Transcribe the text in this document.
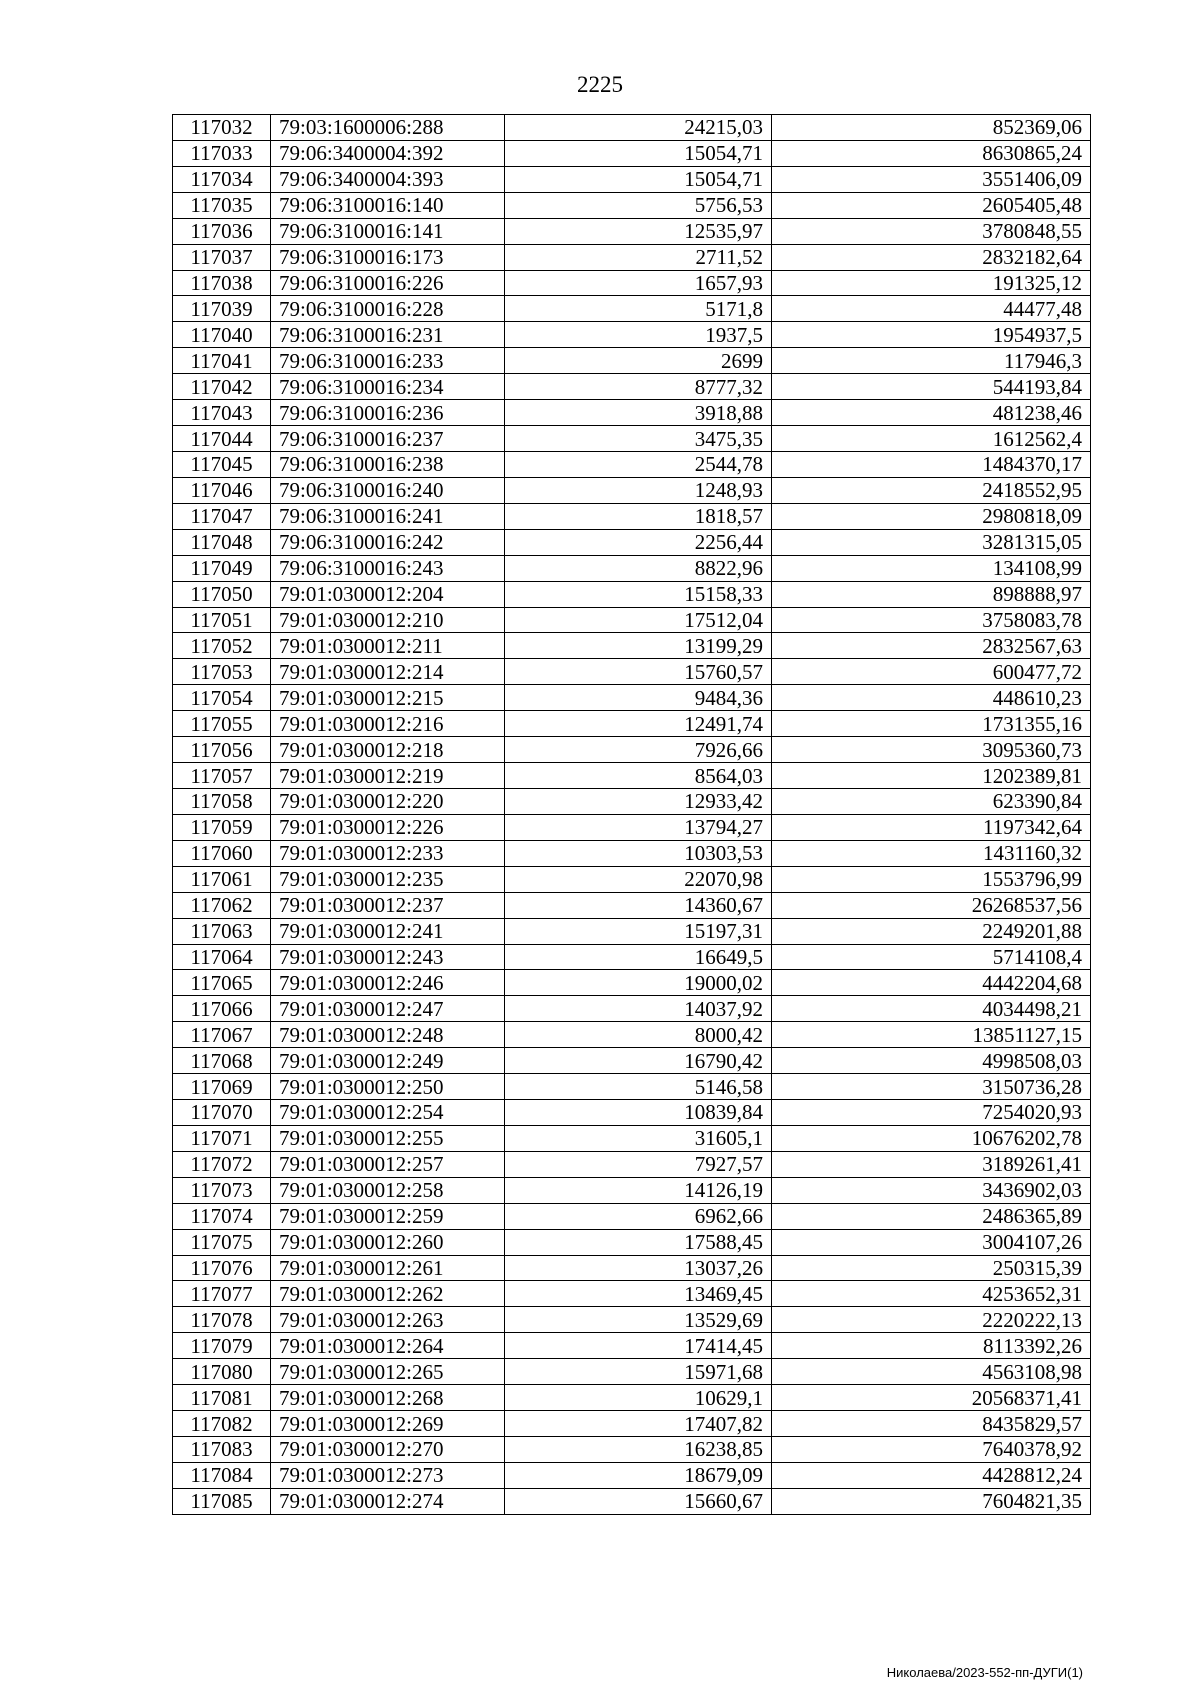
2225
117032	79:03:1600006:288	24215,03	852369,06
117033	79:06:3400004:392	15054,71	8630865,24
117034	79:06:3400004:393	15054,71	3551406,09
117035	79:06:3100016:140	5756,53	2605405,48
117036	79:06:3100016:141	12535,97	3780848,55
117037	79:06:3100016:173	2711,52	2832182,64
117038	79:06:3100016:226	1657,93	191325,12
117039	79:06:3100016:228	5171,8	44477,48
117040	79:06:3100016:231	1937,5	1954937,5
117041	79:06:3100016:233	2699	117946,3
117042	79:06:3100016:234	8777,32	544193,84
117043	79:06:3100016:236	3918,88	481238,46
117044	79:06:3100016:237	3475,35	1612562,4
117045	79:06:3100016:238	2544,78	1484370,17
117046	79:06:3100016:240	1248,93	2418552,95
117047	79:06:3100016:241	1818,57	2980818,09
117048	79:06:3100016:242	2256,44	3281315,05
117049	79:06:3100016:243	8822,96	134108,99
117050	79:01:0300012:204	15158,33	898888,97
117051	79:01:0300012:210	17512,04	3758083,78
117052	79:01:0300012:211	13199,29	2832567,63
117053	79:01:0300012:214	15760,57	600477,72
117054	79:01:0300012:215	9484,36	448610,23
117055	79:01:0300012:216	12491,74	1731355,16
117056	79:01:0300012:218	7926,66	3095360,73
117057	79:01:0300012:219	8564,03	1202389,81
117058	79:01:0300012:220	12933,42	623390,84
117059	79:01:0300012:226	13794,27	1197342,64
117060	79:01:0300012:233	10303,53	1431160,32
117061	79:01:0300012:235	22070,98	1553796,99
117062	79:01:0300012:237	14360,67	26268537,56
117063	79:01:0300012:241	15197,31	2249201,88
117064	79:01:0300012:243	16649,5	5714108,4
117065	79:01:0300012:246	19000,02	4442204,68
117066	79:01:0300012:247	14037,92	4034498,21
117067	79:01:0300012:248	8000,42	13851127,15
117068	79:01:0300012:249	16790,42	4998508,03
117069	79:01:0300012:250	5146,58	3150736,28
117070	79:01:0300012:254	10839,84	7254020,93
117071	79:01:0300012:255	31605,1	10676202,78
117072	79:01:0300012:257	7927,57	3189261,41
117073	79:01:0300012:258	14126,19	3436902,03
117074	79:01:0300012:259	6962,66	2486365,89
117075	79:01:0300012:260	17588,45	3004107,26
117076	79:01:0300012:261	13037,26	250315,39
117077	79:01:0300012:262	13469,45	4253652,31
117078	79:01:0300012:263	13529,69	2220222,13
117079	79:01:0300012:264	17414,45	8113392,26
117080	79:01:0300012:265	15971,68	4563108,98
117081	79:01:0300012:268	10629,1	20568371,41
117082	79:01:0300012:269	17407,82	8435829,57
117083	79:01:0300012:270	16238,85	7640378,92
117084	79:01:0300012:273	18679,09	4428812,24
117085	79:01:0300012:274	15660,67	7604821,35
Николаева/2023-552-пп-ДУГИ(1)
